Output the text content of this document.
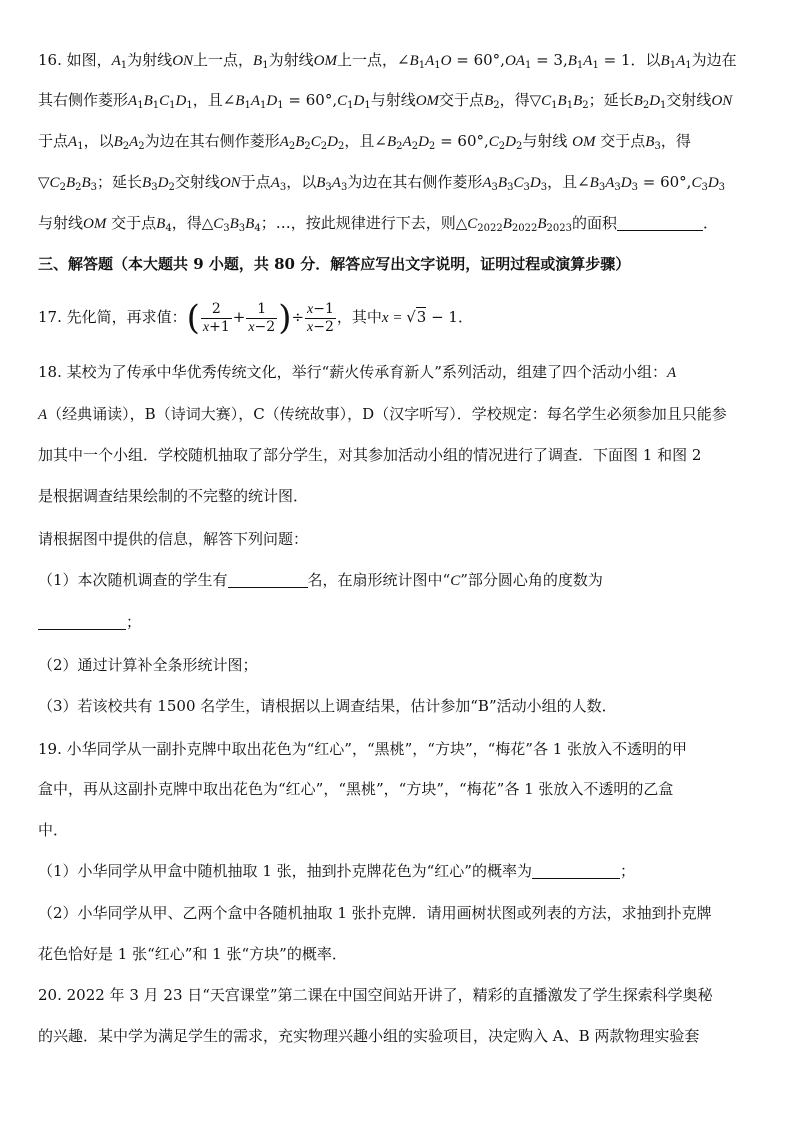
16. 如图，$A_1$为射线ON上一点，$B_1$为射线OM上一点，$\angle B_1A_1O = 60^\circ,OA_1 = 3,B_1A_1 = 1$．以$B_1A_1$为边在
其右侧作菱形$A_1B_1C_1D_1$，且$\angle B_1A_1D_1 = 60^\circ,C_1D_1$与射线OM交于点$B_2$，得$▽C_1B_1B_2$；延长$B_2D_1$交射线ON
于点$A_1$，以$B_2A_2$为边在其右侧作菱形$A_2B_2C_2D_2$，且$\angle B_2A_2D_2 = 60^\circ,C_2D_2$与射线 OM 交于点$B_3$，得
$▽C_2B_2B_3$；延长$B_3D_2$交射线ON于点$A_3$，以$B_3A_3$为边在其右侧作菱形$A_3B_3C_3D_3$，且$\angle B_3A_3D_3 = 60^\circ,C_3D_3$
与射线OM 交于点$B_4$，得$\triangle C_3B_3B_4$；…，按此规律进行下去，则$\triangle C_{2022}B_{2022}B_{2023}$的面积	．
三、解答题（本大题共 9 小题，共 80 分．解答应写出文字说明，证明过程或演算步骤）
17. 先化简，再求值：( $\frac{2}{x+1} + \frac{1}{x-2}$ )÷ $\frac{x-1}{x-2}$ ，其中x = √3 − 1．
18. 某校为了传承中华优秀传统文化，举行“薪火传承育新人”系列活动，组建了四个活动小组：A
A（经典诵读），B（诗词大赛），C（传统故事），D（汉字听写）．学校规定：每名学生必须参加且只能参
加其中一个小组．学校随机抽取了部分学生，对其参加活动小组的情况进行了调查．下面图 1 和图 2
是根据调查结果绘制的不完整的统计图．
请根据图中提供的信息，解答下列问题：
（1）本次随机调查的学生有	名，在扇形统计图中“C”部分圆心角的度数为
；
（2）通过计算补全条形统计图；
（3）若该校共有 1500 名学生，请根据以上调查结果，估计参加“B”活动小组的人数．
19. 小华同学从一副扑克牌中取出花色为“红心”，“黑桃”，“方块”，“梅花”各 1 张放入不透明的甲
盒中，再从这副扑克牌中取出花色为“红心”，“黑桃”，“方块”，“梅花”各 1 张放入不透明的乙盒
中．
（1）小华同学从甲盒中随机抽取 1 张，抽到扑克牌花色为“红心”的概率为	；
（2）小华同学从甲、乙两个盒中各随机抽取 1 张扑克牌．请用画树状图或列表的方法，求抽到扑克牌
花色恰好是 1 张“红心”和 1 张“方块”的概率．
20. 2022 年 3 月 23 日“天宫课堂”第二课在中国空间站开讲了，精彩的直播激发了学生探索科学奥秘
的兴趣．某中学为满足学生的需求，充实物理兴趣小组的实验项目，决定购入 A、B 两款物理实验套
